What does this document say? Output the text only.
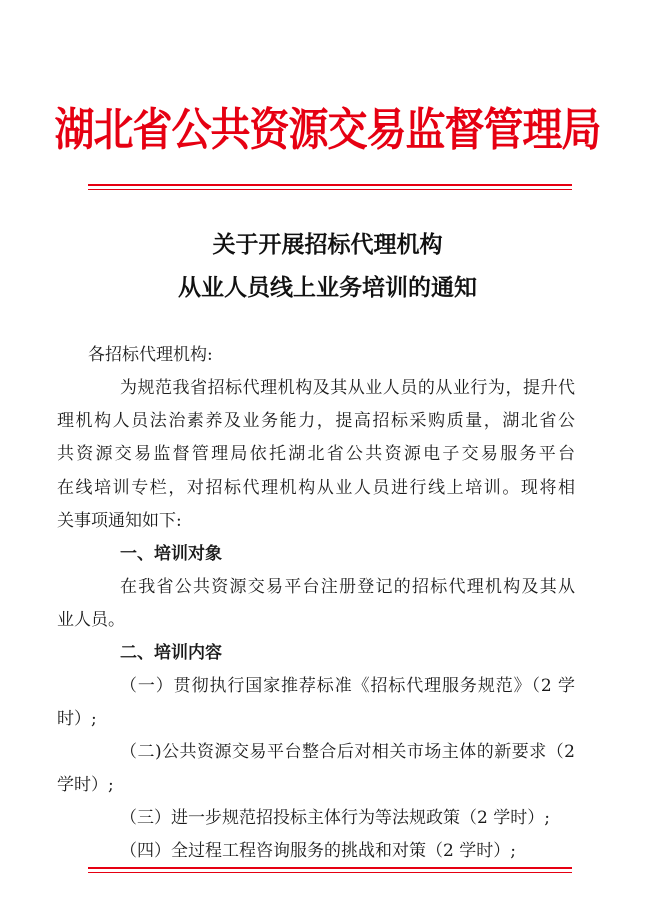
湖北省公共资源交易监督管理局
关于开展招标代理机构
从业人员线上业务培训的通知
各招标代理机构:
为规范我省招标代理机构及其从业人员的从业行为，提升代
理机构人员法治素养及业务能力，提高招标采购质量，湖北省公
共资源交易监督管理局依托湖北省公共资源电子交易服务平台
在线培训专栏，对招标代理机构从业人员进行线上培训。现将相
关事项通知如下:
一、培训对象
在我省公共资源交易平台注册登记的招标代理机构及其从
业人员。
二、培训内容
（一）贯彻执行国家推荐标准《招标代理服务规范》（2 学
时）;
（二)公共资源交易平台整合后对相关市场主体的新要求（2
学时）;
（三）进一步规范招投标主体行为等法规政策（2 学时）;
（四）全过程工程咨询服务的挑战和对策（2 学时）;
